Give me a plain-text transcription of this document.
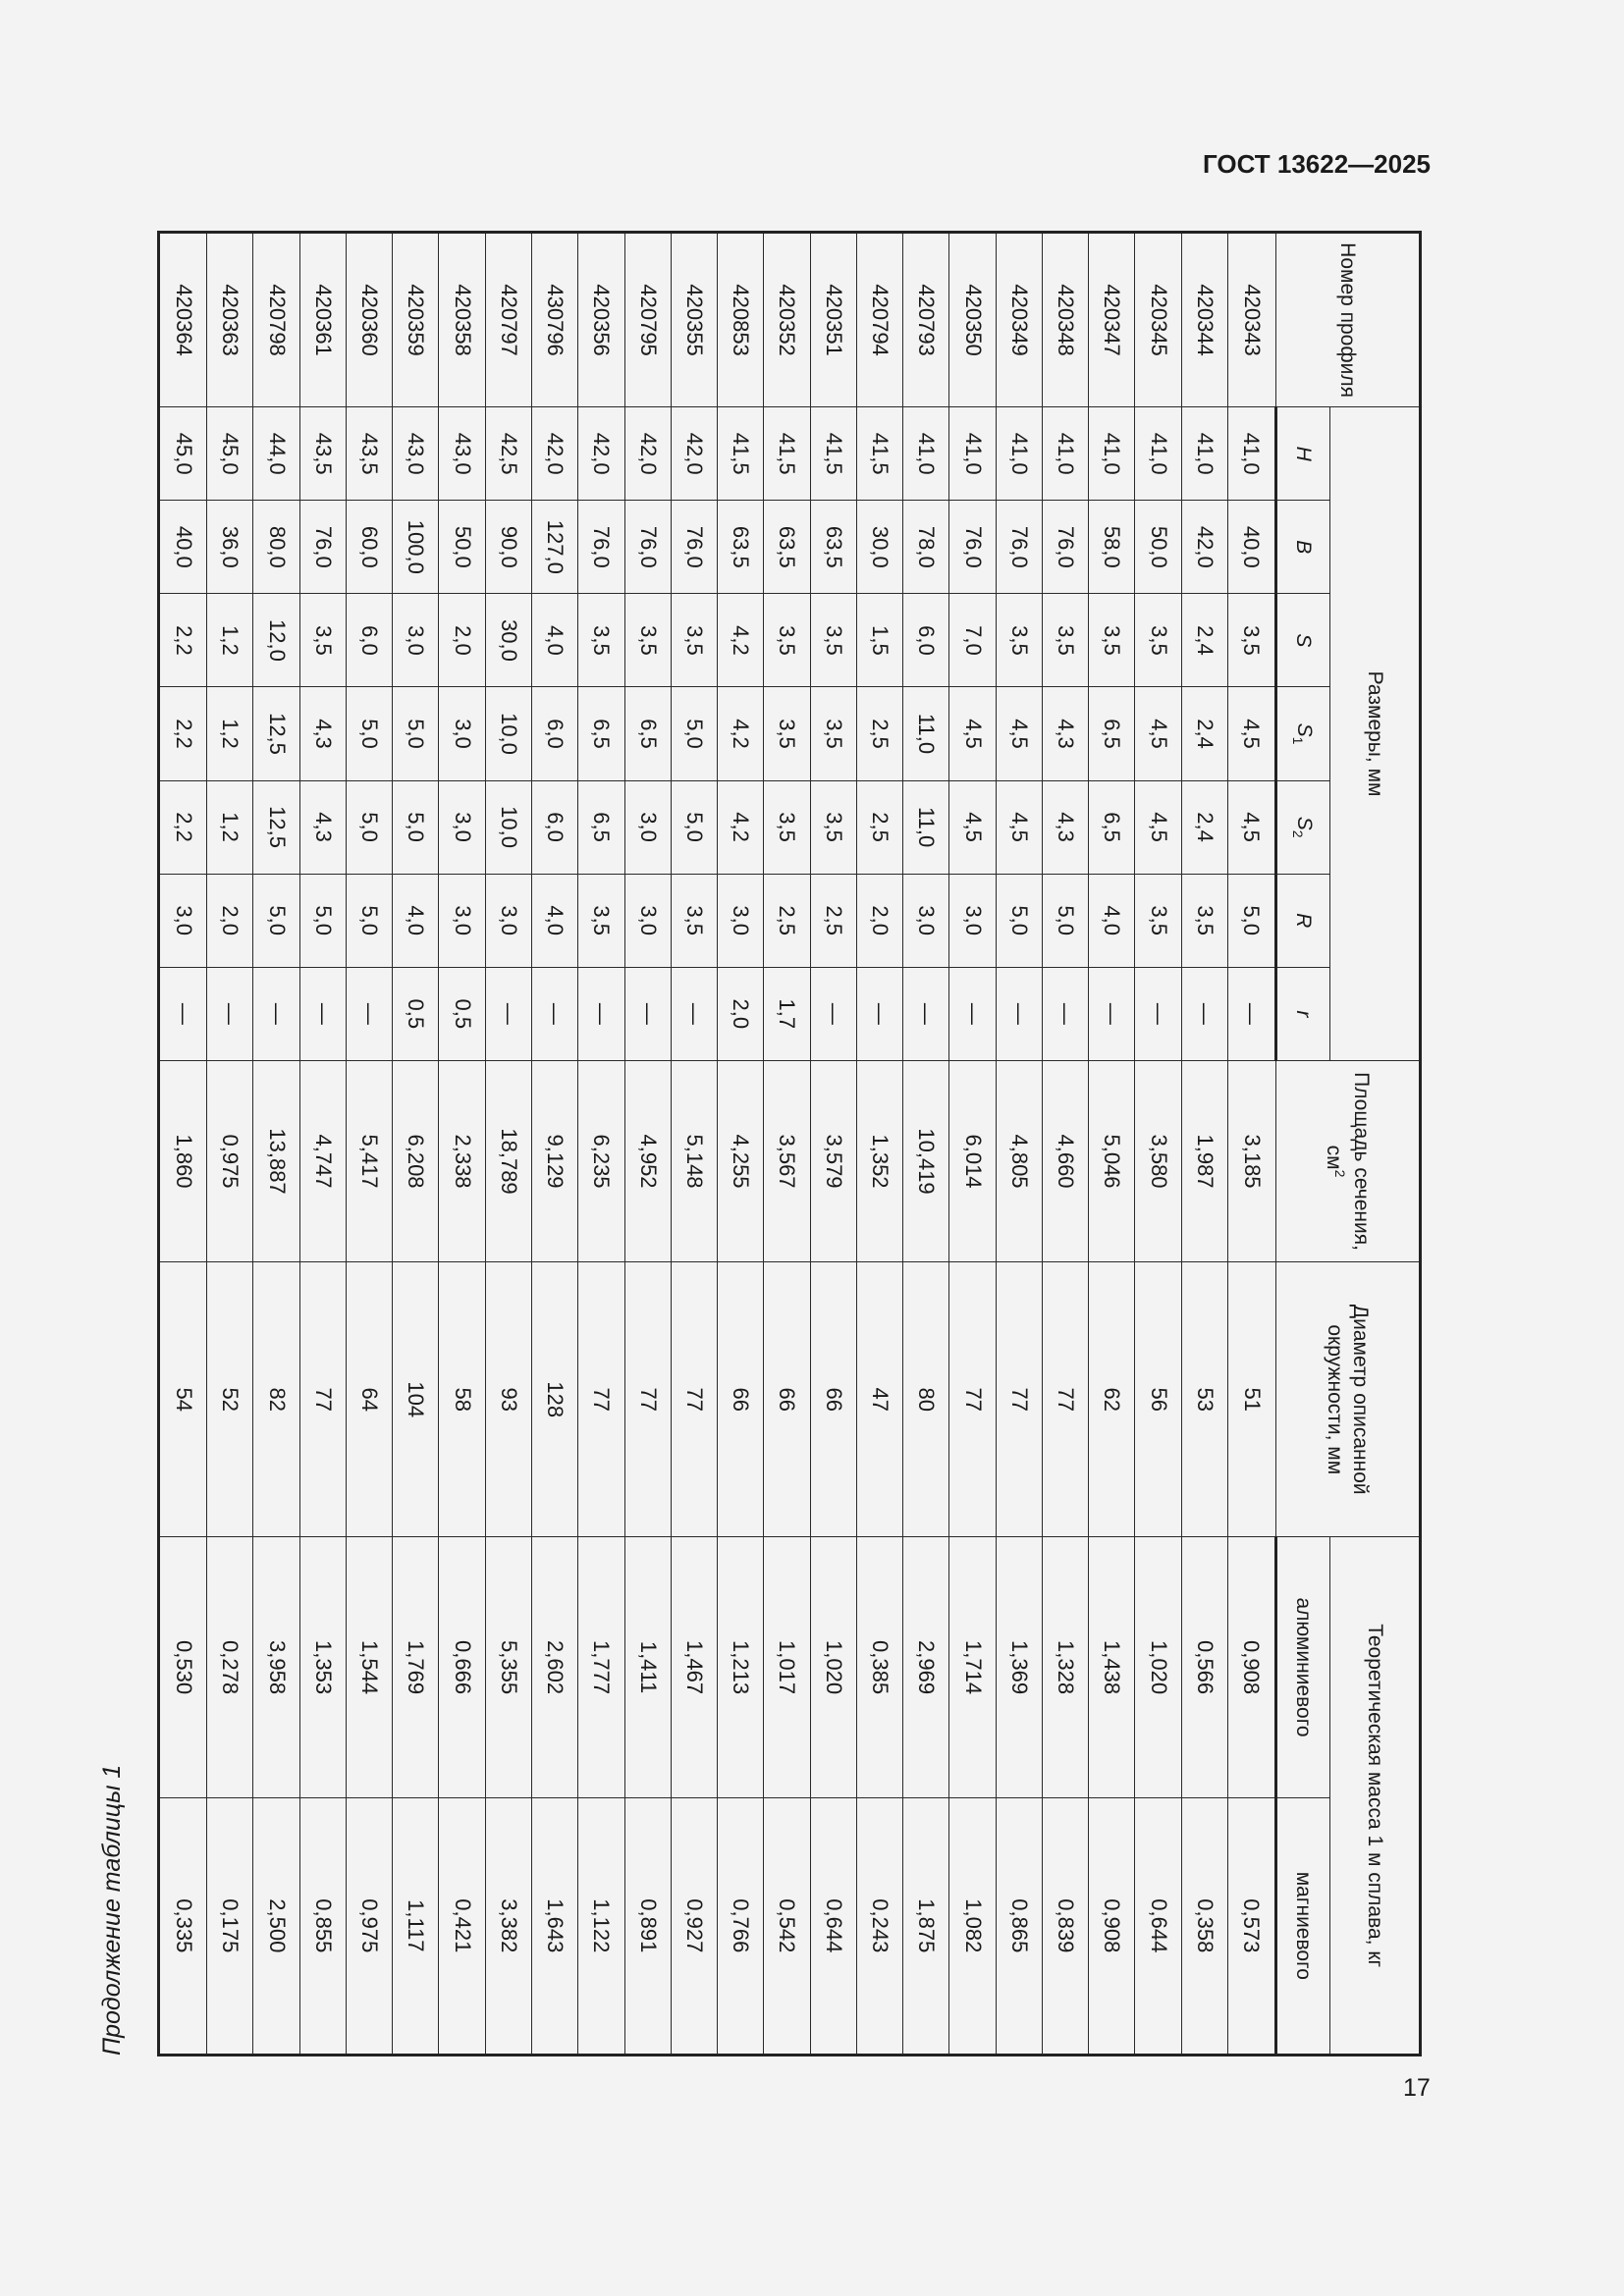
ГОСТ 13622—2025
Продолжение таблицы 1
Номер профиля	Размеры, мм							Площадь сечения, $см^2$	Диаметр описанной окружности, мм	Теоретическая масса 1 м сплава, кг	
	H	B	S	$S_1$	$S_2$	R	r			алюминиевого	магниевого
420343	41,0	40,0	3,5	4,5	4,5	5,0	—	3,185	51	0,908	0,573
420344	41,0	42,0	2,4	2,4	2,4	3,5	—	1,987	53	0,566	0,358
420345	41,0	50,0	3,5	4,5	4,5	3,5	—	3,580	56	1,020	0,644
420347	41,0	58,0	3,5	6,5	6,5	4,0	—	5,046	62	1,438	0,908
420348	41,0	76,0	3,5	4,3	4,3	5,0	—	4,660	77	1,328	0,839
420349	41,0	76,0	3,5	4,5	4,5	5,0	—	4,805	77	1,369	0,865
420350	41,0	76,0	7,0	4,5	4,5	3,0	—	6,014	77	1,714	1,082
420793	41,0	78,0	6,0	11,0	11,0	3,0	—	10,419	80	2,969	1,875
420794	41,5	30,0	1,5	2,5	2,5	2,0	—	1,352	47	0,385	0,243
420351	41,5	63,5	3,5	3,5	3,5	2,5	—	3,579	66	1,020	0,644
420352	41,5	63,5	3,5	3,5	3,5	2,5	1,7	3,567	66	1,017	0,542
420853	41,5	63,5	4,2	4,2	4,2	3,0	2,0	4,255	66	1,213	0,766
420355	42,0	76,0	3,5	5,0	5,0	3,5	—	5,148	77	1,467	0,927
420795	42,0	76,0	3,5	6,5	3,0	3,0	—	4,952	77	1,411	0,891
420356	42,0	76,0	3,5	6,5	6,5	3,5	—	6,235	77	1,777	1,122
430796	42,0	127,0	4,0	6,0	6,0	4,0	—	9,129	128	2,602	1,643
420797	42,5	90,0	30,0	10,0	10,0	3,0	—	18,789	93	5,355	3,382
420358	43,0	50,0	2,0	3,0	3,0	3,0	0,5	2,338	58	0,666	0,421
420359	43,0	100,0	3,0	5,0	5,0	4,0	0,5	6,208	104	1,769	1,117
420360	43,5	60,0	6,0	5,0	5,0	5,0	—	5,417	64	1,544	0,975
420361	43,5	76,0	3,5	4,3	4,3	5,0	—	4,747	77	1,353	0,855
420798	44,0	80,0	12,0	12,5	12,5	5,0	—	13,887	82	3,958	2,500
420363	45,0	36,0	1,2	1,2	1,2	2,0	—	0,975	52	0,278	0,175
420364	45,0	40,0	2,2	2,2	2,2	3,0	—	1,860	54	0,530	0,335
17
